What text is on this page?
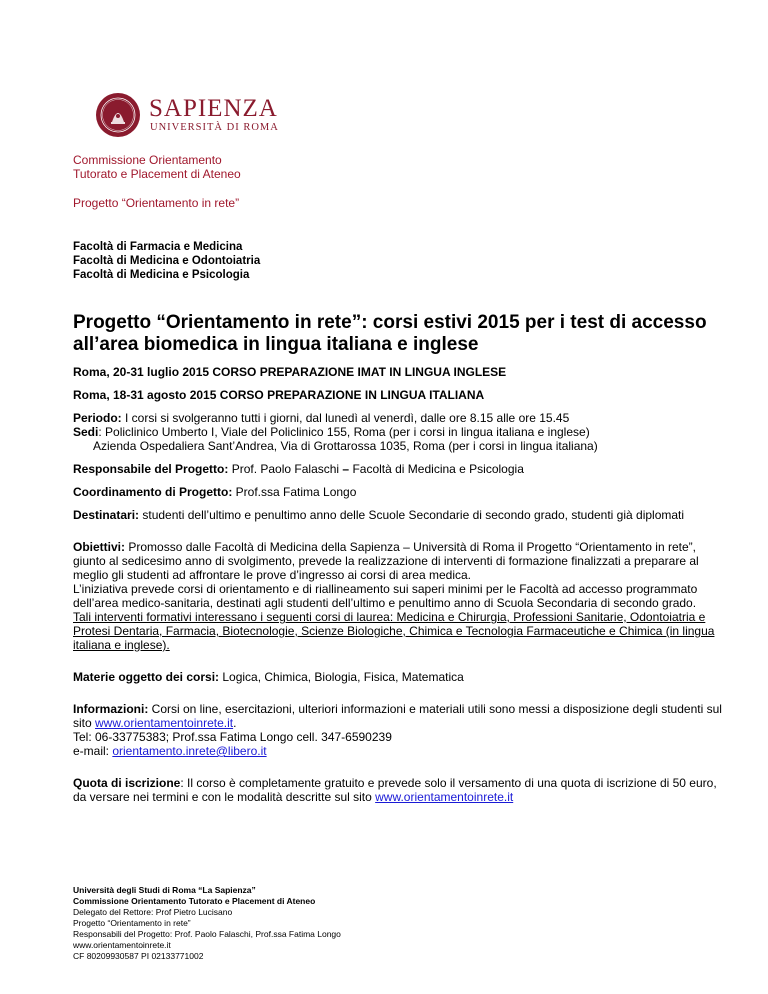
SAPIENZA
UNIVERSITÀ DI ROMA
Commissione Orientamento
Tutorato e Placement di Ateneo
Progetto “Orientamento in rete”
Facoltà di Farmacia e Medicina
Facoltà di Medicina e Odontoiatria
Facoltà di Medicina e Psicologia
Progetto “Orientamento in rete”: corsi estivi 2015 per i test di accesso all’area biomedica in lingua italiana e inglese

Roma, 20-31 luglio 2015 CORSO PREPARAZIONE IMAT IN LINGUA INGLESE

Roma, 18-31 agosto 2015 CORSO PREPARAZIONE IN LINGUA ITALIANA

Periodo: I corsi si svolgeranno tutti i giorni, dal lunedì al venerdì, dalle ore 8.15 alle ore 15.45

Sedi: Policlinico Umberto I, Viale del Policlinico 155, Roma (per i corsi in lingua italiana e inglese)

Azienda Ospedaliera Sant’Andrea, Via di Grottarossa 1035, Roma (per i corsi in lingua italiana)

Responsabile del Progetto: Prof. Paolo Falaschi – Facoltà di Medicina e Psicologia

Coordinamento di Progetto: Prof.ssa Fatima Longo

Destinatari: studenti dell’ultimo e penultimo anno delle Scuole Secondarie di secondo grado, studenti già diplomati

Obiettivi: Promosso dalle Facoltà di Medicina della Sapienza – Università di Roma il Progetto “Orientamento in rete”, giunto al sedicesimo anno di svolgimento, prevede la realizzazione di interventi di formazione finalizzati a preparare al meglio gli studenti ad affrontare le prove d’ingresso ai corsi di area medica.

L’iniziativa prevede corsi di orientamento e di riallineamento sui saperi minimi per le Facoltà ad accesso programmato dell’area medico-sanitaria, destinati agli studenti dell’ultimo e penultimo anno di Scuola Secondaria di secondo grado.

Tali interventi formativi interessano i seguenti corsi di laurea: Medicina e Chirurgia, Professioni Sanitarie, Odontoiatria e Protesi Dentaria, Farmacia, Biotecnologie, Scienze Biologiche, Chimica e Tecnologia Farmaceutiche e Chimica (in lingua italiana e inglese).

Materie oggetto dei corsi: Logica, Chimica, Biologia, Fisica, Matematica

Informazioni: Corsi on line, esercitazioni, ulteriori informazioni e materiali utili sono messi a disposizione degli studenti sul sito www.orientamentoinrete.it.

Tel: 06-33775383; Prof.ssa Fatima Longo cell. 347-6590239

e-mail: orientamento.inrete@libero.it

Quota di iscrizione: Il corso è completamente gratuito e prevede solo il versamento di una quota di iscrizione di 50 euro, da versare nei termini e con le modalità descritte sul sito www.orientamentoinrete.it

Università degli Studi di Roma “La Sapienza”
Commissione Orientamento Tutorato e Placement di Ateneo
Delegato del Rettore: Prof Pietro Lucisano
Progetto “Orientamento in rete”
Responsabili del Progetto: Prof. Paolo Falaschi, Prof.ssa Fatima Longo
www.orientamentoinrete.it
CF 80209930587 PI 02133771002
